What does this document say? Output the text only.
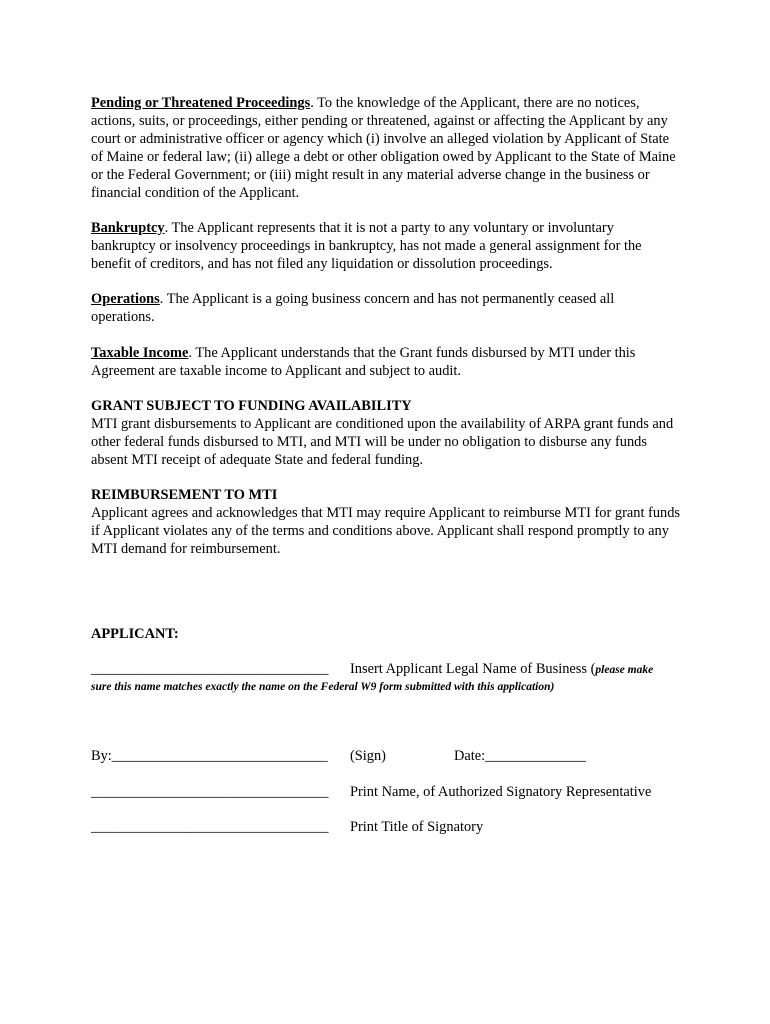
Pending or Threatened Proceedings. To the knowledge of the Applicant, there are no notices, actions, suits, or proceedings, either pending or threatened, against or affecting the Applicant by any court or administrative officer or agency which (i) involve an alleged violation by Applicant of State of Maine or federal law; (ii) allege a debt or other obligation owed by Applicant to the State of Maine or the Federal Government; or (iii) might result in any material adverse change in the business or financial condition of the Applicant.

Bankruptcy. The Applicant represents that it is not a party to any voluntary or involuntary bankruptcy or insolvency proceedings in bankruptcy, has not made a general assignment for the benefit of creditors, and has not filed any liquidation or dissolution proceedings.

Operations. The Applicant is a going business concern and has not permanently ceased all operations.

Taxable Income. The Applicant understands that the Grant funds disbursed by MTI under this Agreement are taxable income to Applicant and subject to audit.

GRANT SUBJECT TO FUNDING AVAILABILITY
MTI grant disbursements to Applicant are conditioned upon the availability of ARPA grant funds and other federal funds disbursed to MTI, and MTI will be under no obligation to disburse any funds absent MTI receipt of adequate State and federal funding.
REIMBURSEMENT TO MTI
Applicant agrees and acknowledges that MTI may require Applicant to reimburse MTI for grant funds if Applicant violates any of the terms and conditions above. Applicant shall respond promptly to any MTI demand for reimbursement.
APPLICANT:
_________________________________ Insert Applicant Legal Name of Business (please make
sure this name matches exactly the name on the Federal W9 form submitted with this application)
By:______________________________ (Sign)	Date:______________
_________________________________ Print Name, of Authorized Signatory Representative
_________________________________ Print Title of Signatory
